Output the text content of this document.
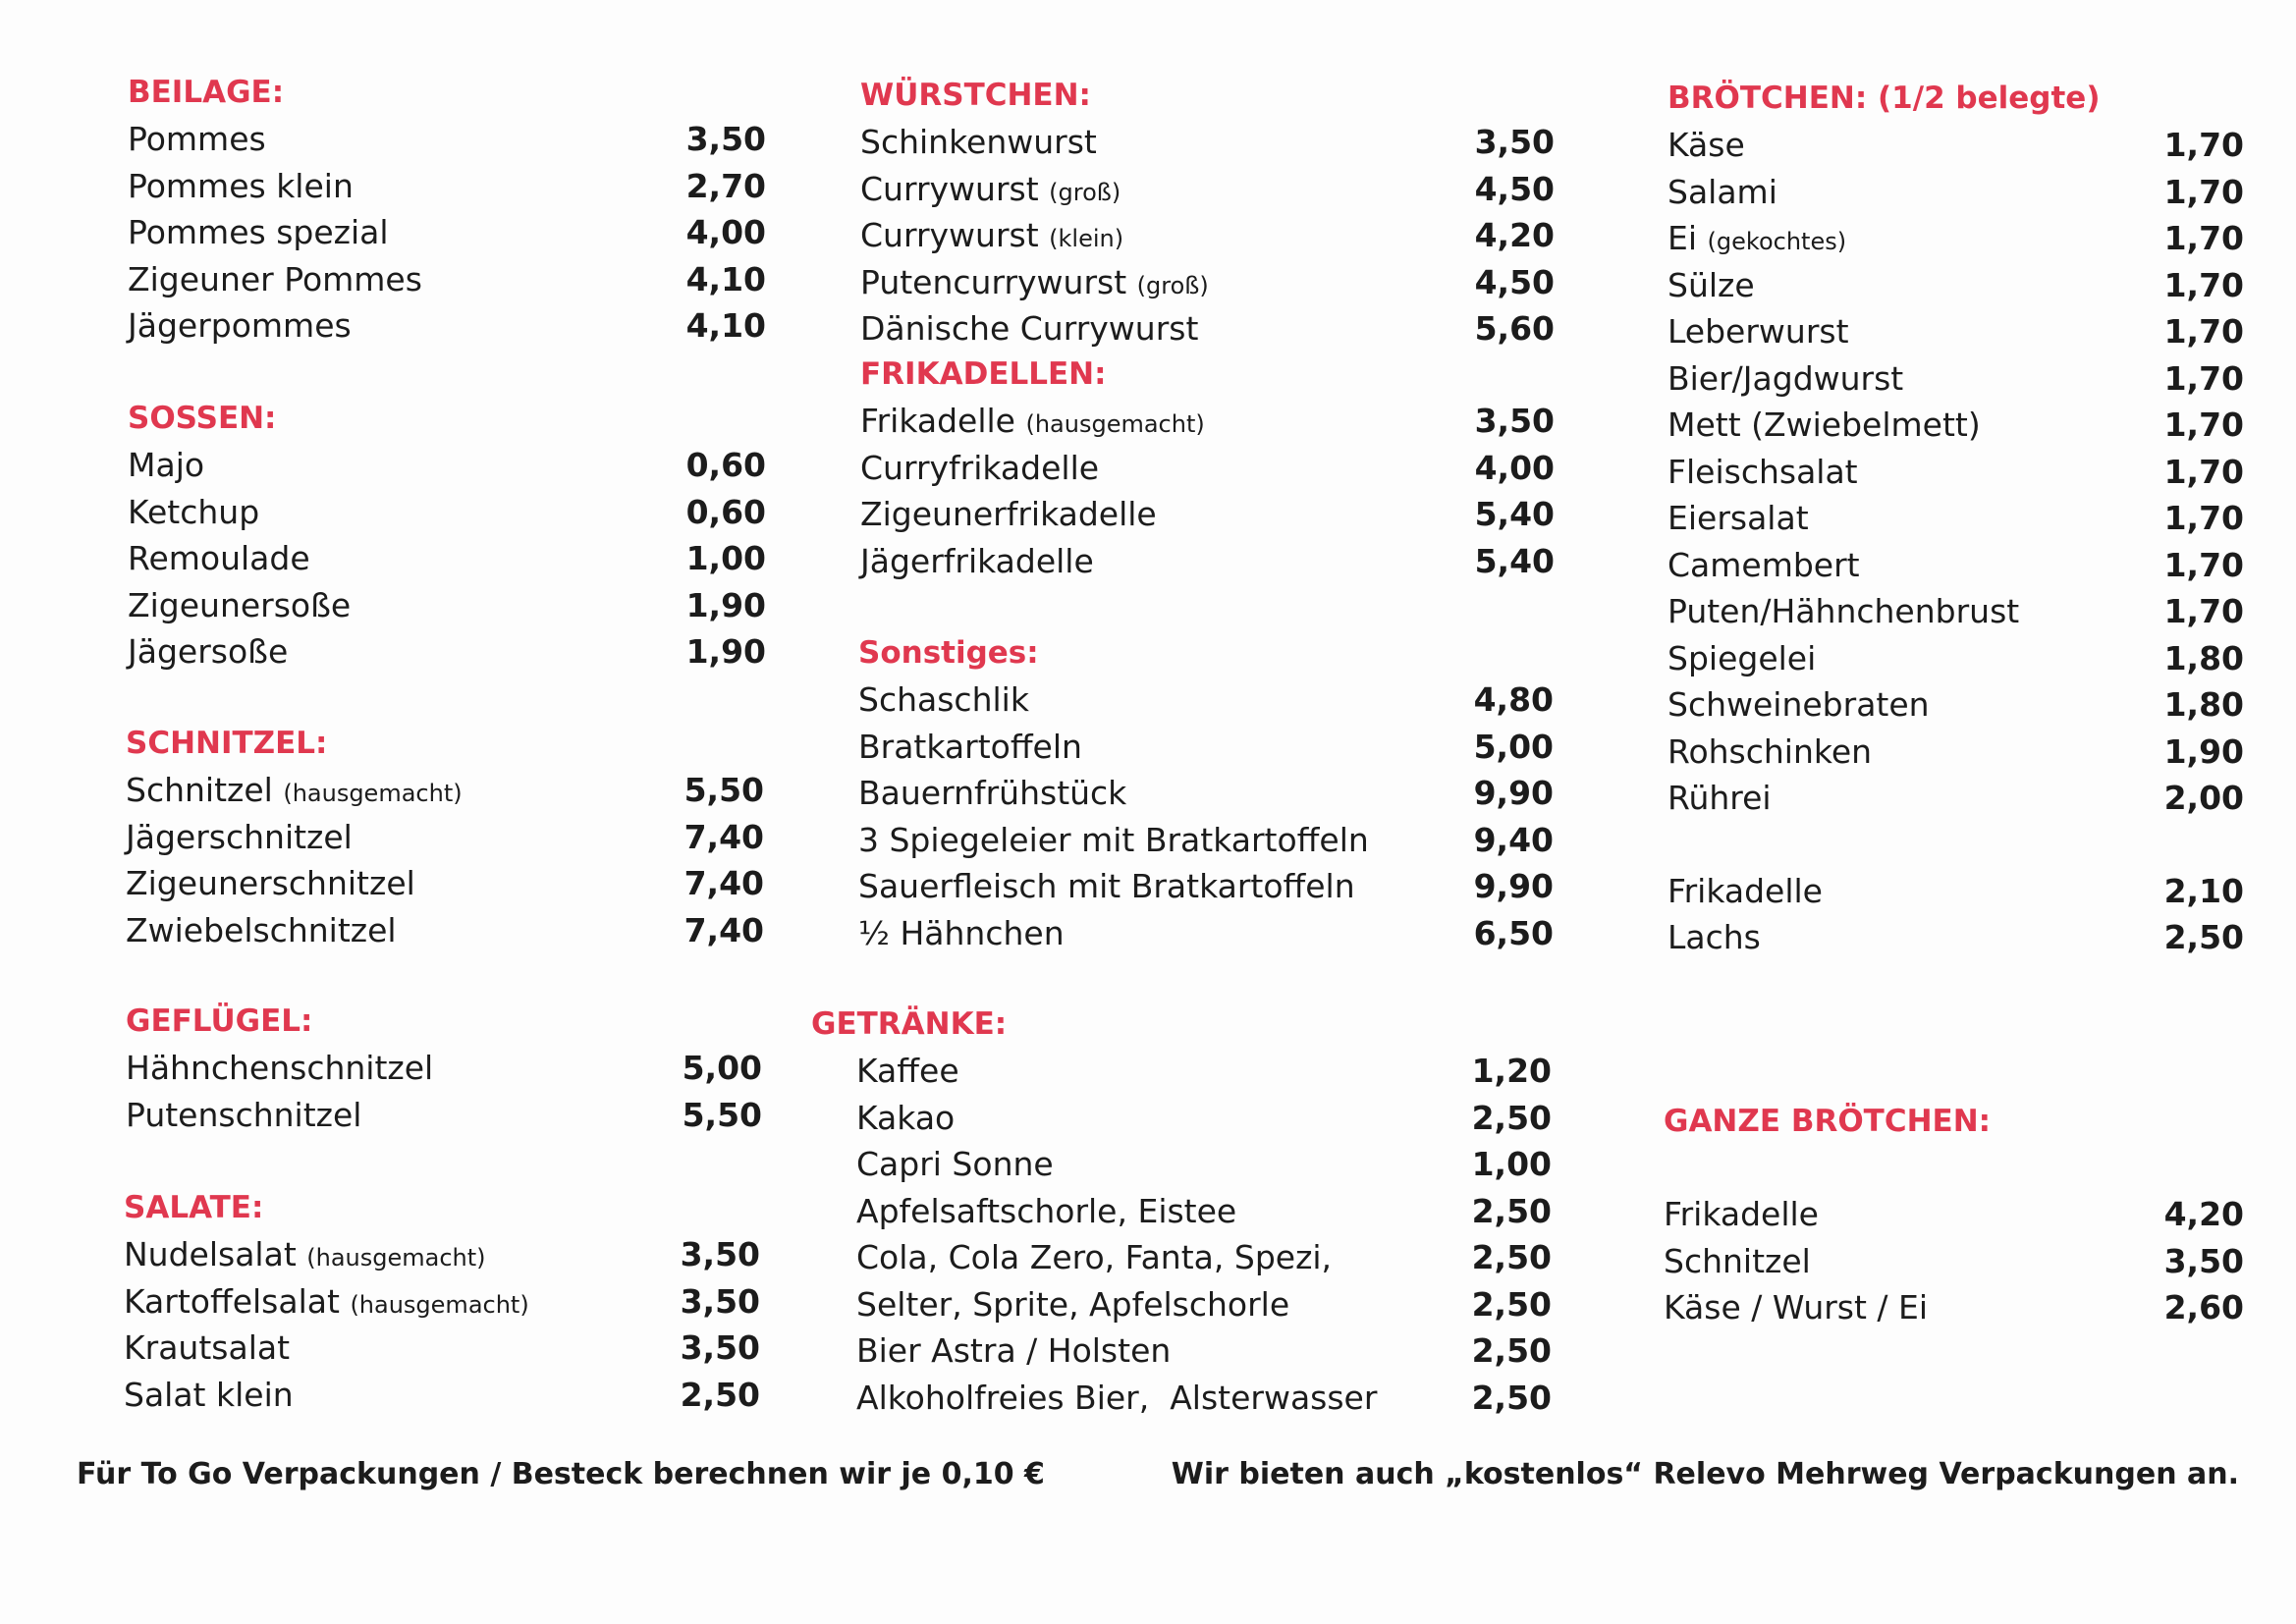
BEILAGE:
Pommes	3,50
Pommes klein	2,70
Pommes spezial	4,00
Zigeuner Pommes	4,10
Jägerpommes	4,10
SOSSEN:
Majo	0,60
Ketchup	0,60
Remoulade	1,00
Zigeunersoße	1,90
Jägersoße	1,90
SCHNITZEL:
Schnitzel (hausgemacht)	5,50
Jägerschnitzel	7,40
Zigeunerschnitzel	7,40
Zwiebelschnitzel	7,40
GEFLÜGEL:
Hähnchenschnitzel	5,00
Putenschnitzel	5,50
SALATE:
Nudelsalat (hausgemacht)	3,50
Kartoffelsalat (hausgemacht)	3,50
Krautsalat	3,50
Salat klein	2,50
WÜRSTCHEN:
Schinkenwurst	3,50
Currywurst (groß)	4,50
Currywurst (klein)	4,20
Putencurrywurst (groß)	4,50
Dänische Currywurst	5,60
FRIKADELLEN:
Frikadelle (hausgemacht)	3,50
Curryfrikadelle	4,00
Zigeunerfrikadelle	5,40
Jägerfrikadelle	5,40
Sonstiges:
Schaschlik	4,80
Bratkartoffeln	5,00
Bauernfrühstück	9,90
3 Spiegeleier mit Bratkartoffeln	9,40
Sauerfleisch mit Bratkartoffeln	9,90
½ Hähnchen	6,50
GETRÄNKE:
Kaffee	1,20
Kakao	2,50
Capri Sonne	1,00
Apfelsaftschorle, Eistee	2,50
Cola, Cola Zero, Fanta, Spezi,	2,50
Selter, Sprite, Apfelschorle	2,50
Bier Astra / Holsten	2,50
Alkoholfreies Bier,  Alsterwasser	2,50
BRÖTCHEN: (1/2 belegte)
Käse	1,70
Salami	1,70
Ei (gekochtes)	1,70
Sülze	1,70
Leberwurst	1,70
Bier/Jagdwurst	1,70
Mett (Zwiebelmett)	1,70
Fleischsalat	1,70
Eiersalat	1,70
Camembert	1,70
Puten/Hähnchenbrust	1,70
Spiegelei	1,80
Schweinebraten	1,80
Rohschinken	1,90
Rührei	2,00
Frikadelle	2,10
Lachs	2,50
GANZE BRÖTCHEN:
Frikadelle	4,20
Schnitzel	3,50
Käse / Wurst / Ei	2,60
Für To Go Verpackungen / Besteck berechnen wir je 0,10 €	Wir bieten auch „kostenlos“ Relevo Mehrweg Verpackungen an.
